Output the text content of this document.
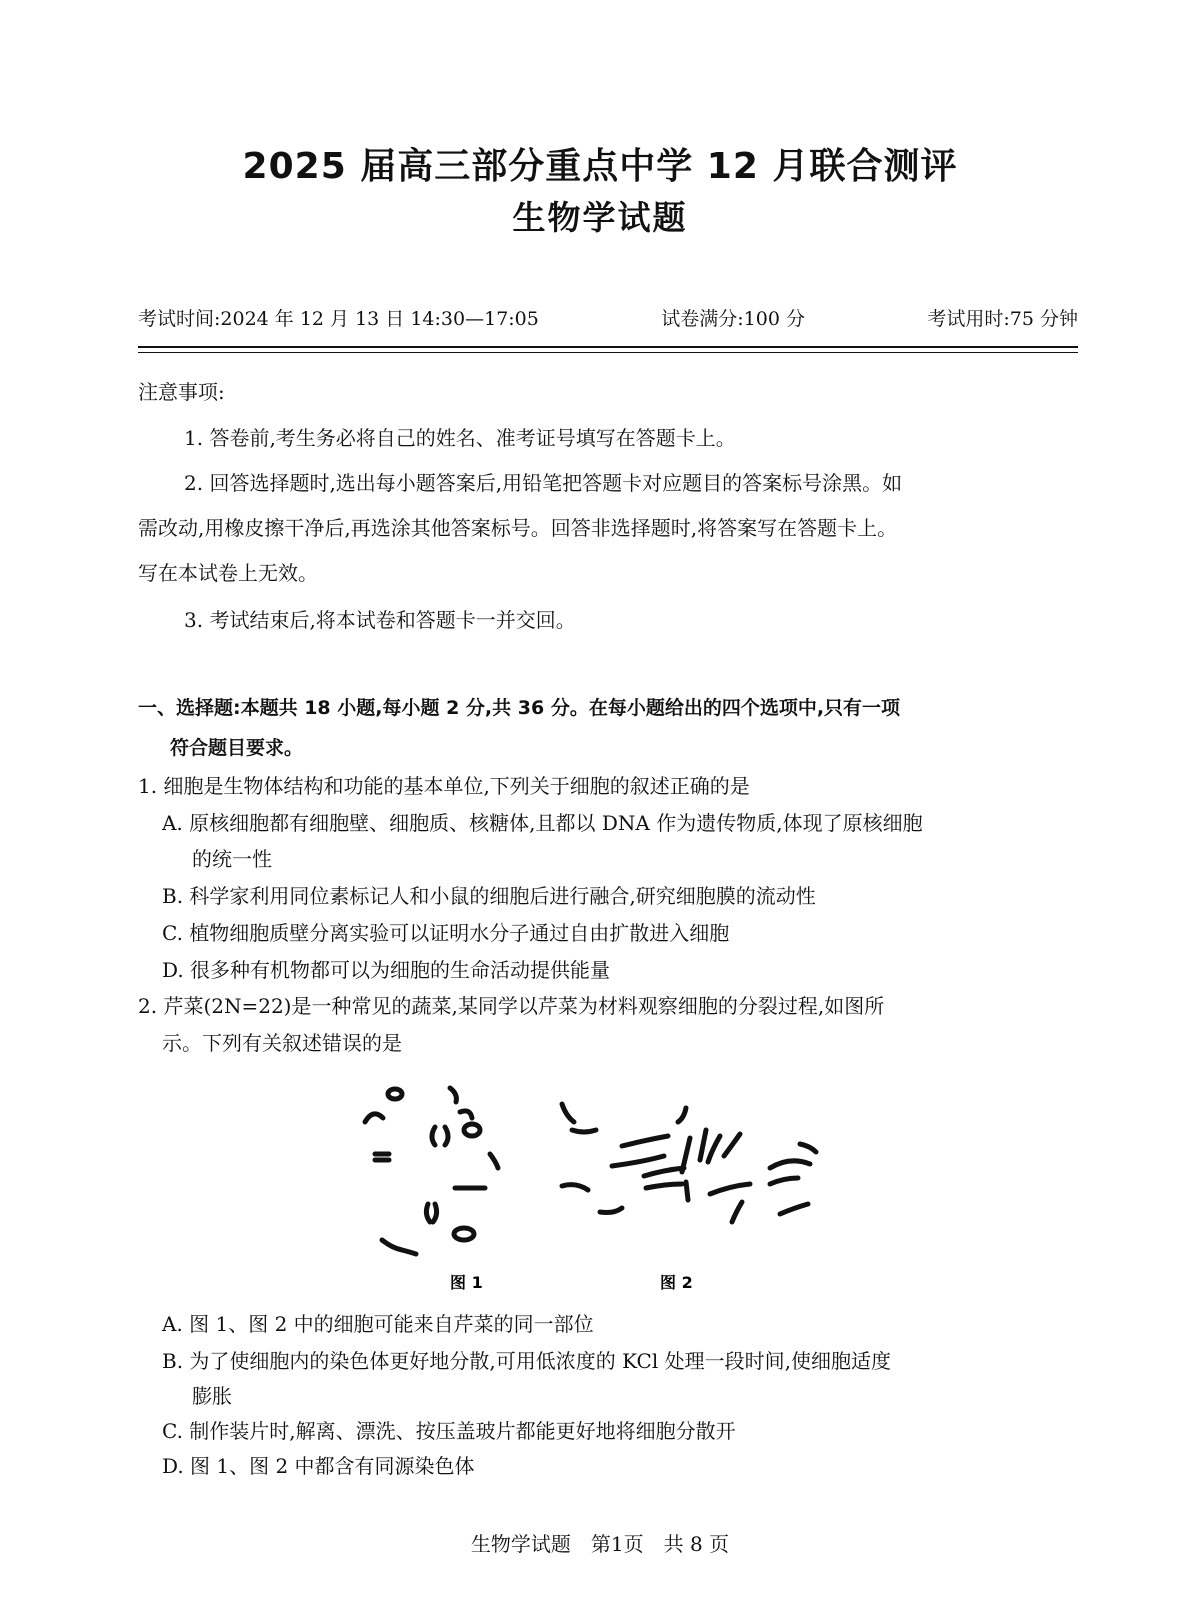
2025 届高三部分重点中学 12 月联合测评
生物学试题
考试时间:2024 年 12 月 13 日 14:30—17:05	试卷满分:100 分	考试用时:75 分钟
注意事项:
1. 答卷前,考生务必将自己的姓名、准考证号填写在答题卡上。
2. 回答选择题时,选出每小题答案后,用铅笔把答题卡对应题目的答案标号涂黑。如
需改动,用橡皮擦干净后,再选涂其他答案标号。回答非选择题时,将答案写在答题卡上。
写在本试卷上无效。
3. 考试结束后,将本试卷和答题卡一并交回。
一、选择题:本题共 18 小题,每小题 2 分,共 36 分。在每小题给出的四个选项中,只有一项
符合题目要求。
1. 细胞是生物体结构和功能的基本单位,下列关于细胞的叙述正确的是
A. 原核细胞都有细胞壁、细胞质、核糖体,且都以 DNA 作为遗传物质,体现了原核细胞
的统一性
B. 科学家利用同位素标记人和小鼠的细胞后进行融合,研究细胞膜的流动性
C. 植物细胞质壁分离实验可以证明水分子通过自由扩散进入细胞
D. 很多种有机物都可以为细胞的生命活动提供能量
2. 芹菜(2N=22)是一种常见的蔬菜,某同学以芹菜为材料观察细胞的分裂过程,如图所
示。下列有关叙述错误的是
图 1	图 2
A. 图 1、图 2 中的细胞可能来自芹菜的同一部位
B. 为了使细胞内的染色体更好地分散,可用低浓度的 KCl 处理一段时间,使细胞适度
膨胀
C. 制作装片时,解离、漂洗、按压盖玻片都能更好地将细胞分散开
D. 图 1、图 2 中都含有同源染色体
生物学试题　第1页　共 8 页
